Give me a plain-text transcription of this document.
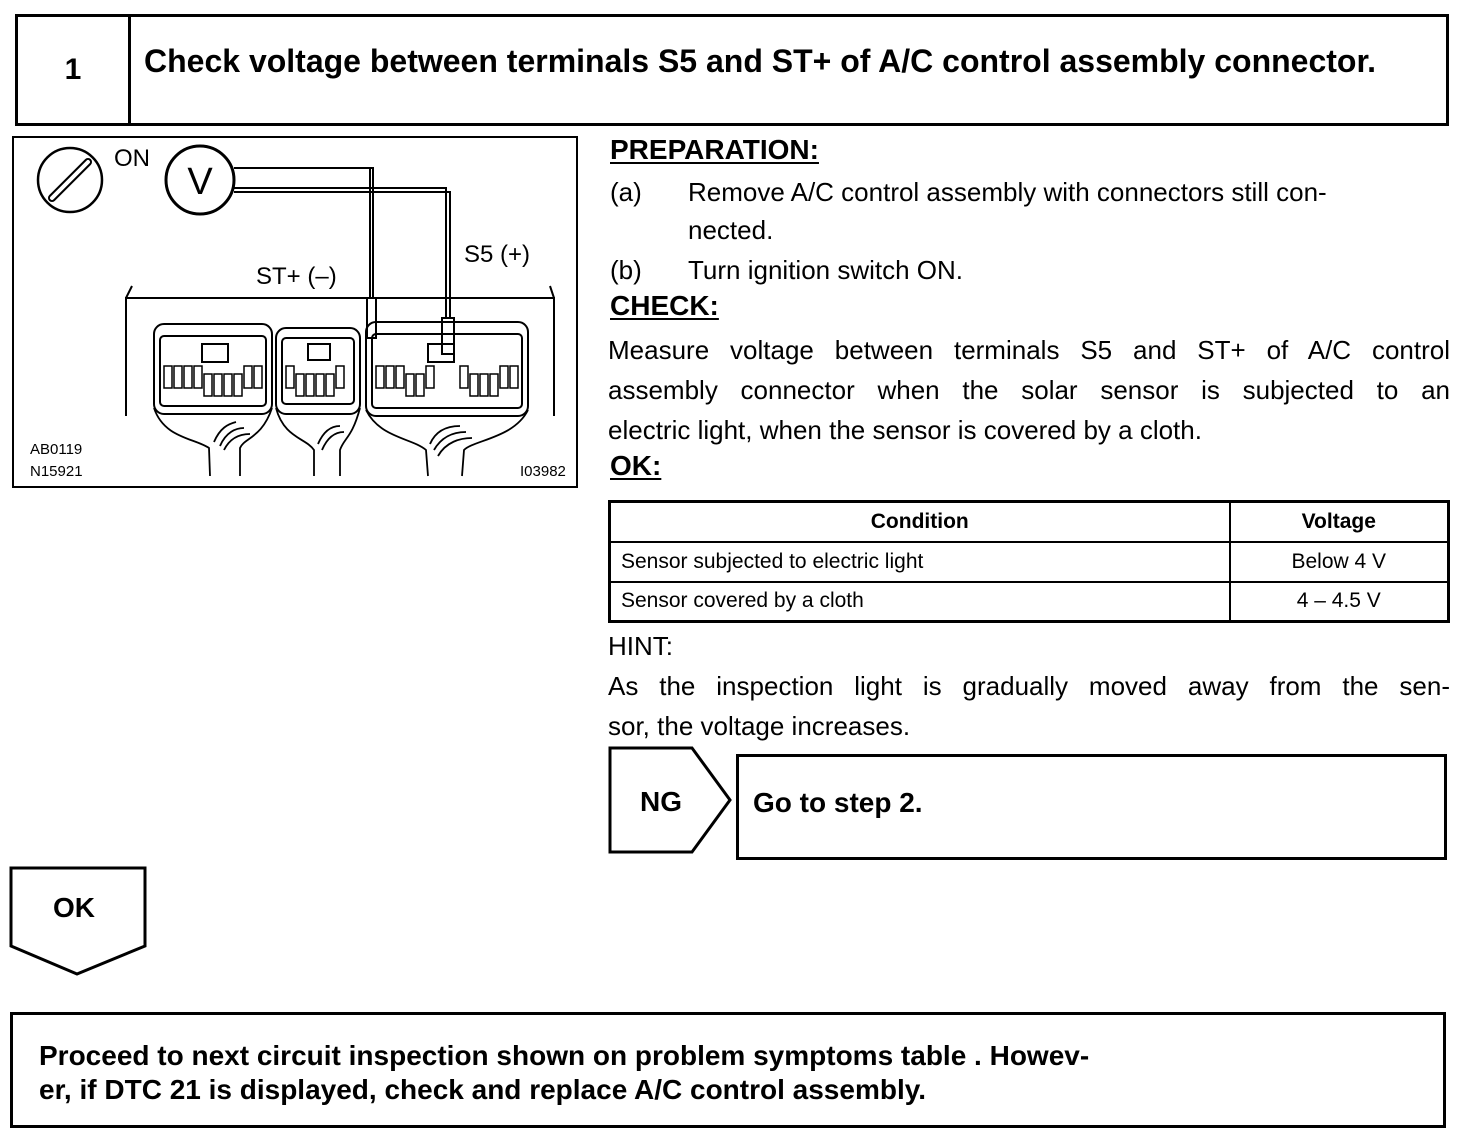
1	Check voltage between terminals S5 and ST+ of A/C control assembly connector.
ON
V
ST+ (–)
S5 (+)
AB0119
N15921	I03982
PREPARATION:
(a) Remove A/C control assembly with connectors still con-
nected.
(b) Turn ignition switch ON.
CHECK:
Measure voltage between terminals S5 and ST+ of A/C control
assembly connector when the solar sensor is subjected to an
electric light, when the sensor is covered by a cloth.
OK:
Condition	Voltage
Sensor subjected to electric light	Below 4 V
Sensor covered by a cloth	4 – 4.5 V
HINT:
As the inspection light is gradually moved away from the sen-
sor, the voltage increases.
NG	Go to step 2.
OK
Proceed to next circuit inspection shown on problem symptoms table . Howev-
er, if DTC 21 is displayed, check and replace A/C control assembly.
